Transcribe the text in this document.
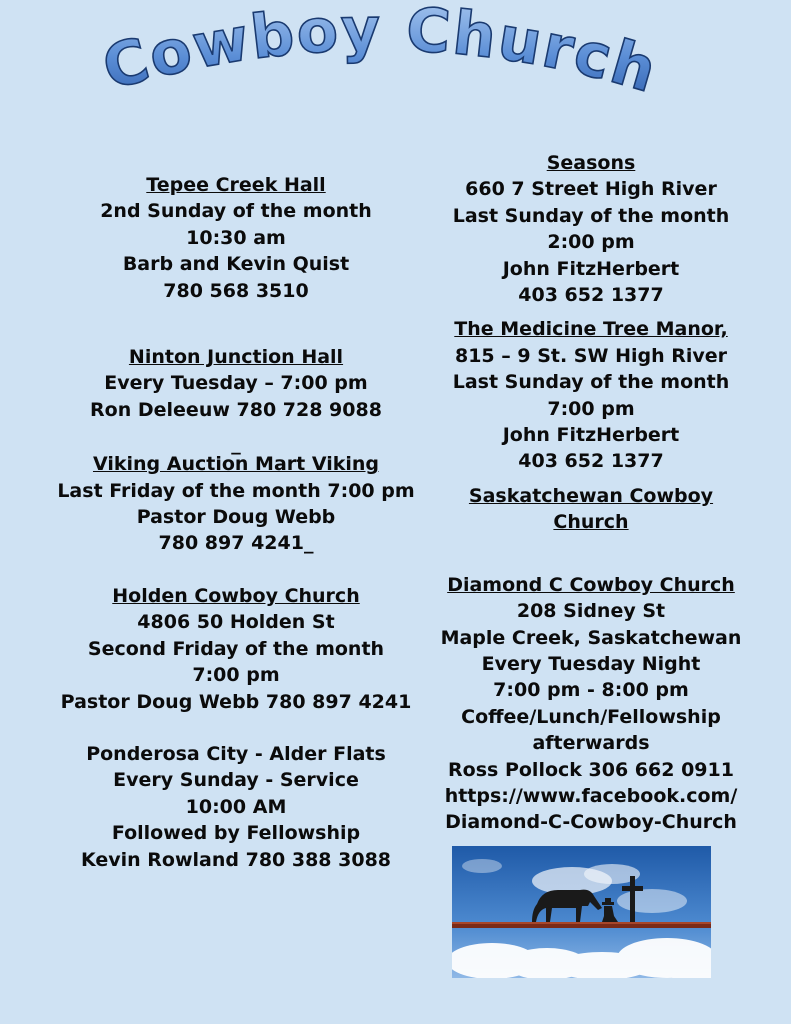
Cowboy Church
Tepee Creek Hall
2nd Sunday of the month
10:30 am
Barb and Kevin Quist
780 568 3510
Ninton Junction Hall
Every Tuesday – 7:00 pm
Ron Deleeuw 780 728 9088
_
Viking Auction Mart Viking
Last Friday of the month 7:00 pm
Pastor Doug Webb
780 897 4241_
Holden Cowboy Church
4806 50 Holden St
Second Friday of the month
7:00 pm
Pastor Doug Webb 780 897 4241
Ponderosa City - Alder Flats
Every Sunday - Service
10:00 AM
Followed by Fellowship
Kevin Rowland 780 388 3088
Seasons
660 7 Street High River
Last Sunday of the month
2:00 pm
John FitzHerbert
403 652 1377
The Medicine Tree Manor,
815 – 9 St. SW High River
Last Sunday of the month
7:00 pm
John FitzHerbert
403 652 1377
Saskatchewan Cowboy
Church
Diamond C Cowboy Church
208 Sidney St
Maple Creek, Saskatchewan
Every Tuesday Night
7:00 pm - 8:00 pm
Coffee/Lunch/Fellowship
afterwards
Ross Pollock 306 662 0911
https://www.facebook.com/
Diamond-C-Cowboy-Church
